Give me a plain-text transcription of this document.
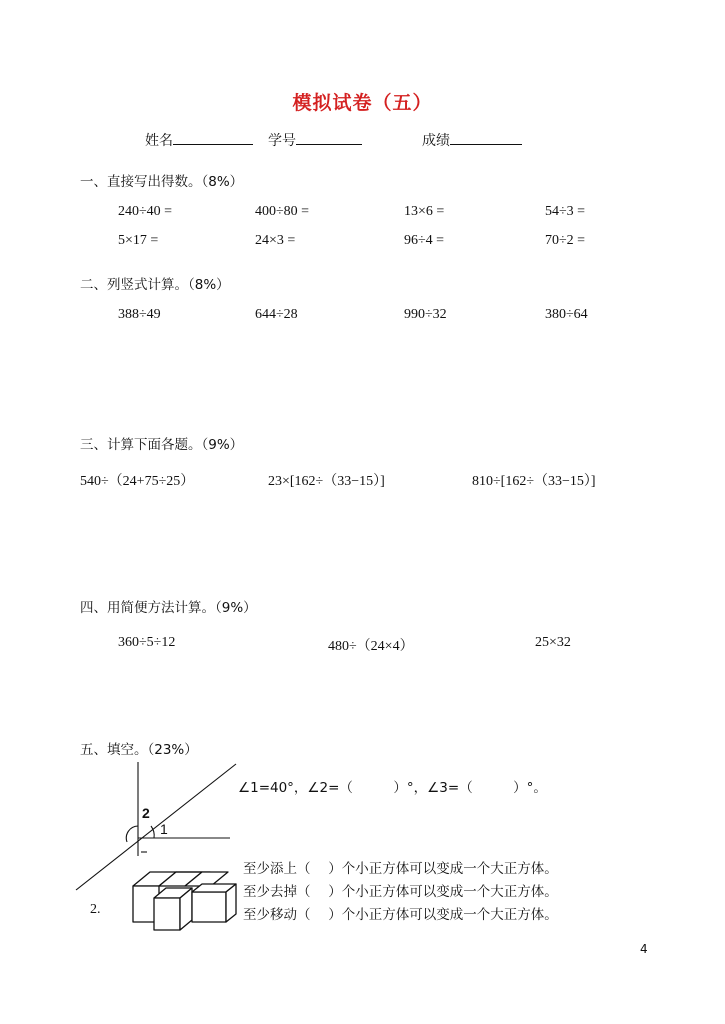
模拟试卷（五）
姓名	学号	成绩
一、直接写出得数。（8%）
240÷40 =	400÷80 =	13×6 =	54÷3 =
5×17 =	24×3 =	96÷4 =	70÷2 =
二、列竖式计算。（8%）
388÷49	644÷28	990÷32	380÷64
三、计算下面各题。（9%）
540÷（24+75÷25）	23×[162÷（33−15）]	810÷[162÷（33−15）]
四、用简便方法计算。（9%）
360÷5÷12	480÷（24×4）	25×32
五、填空。（23%）
1
2
∠1=40°，∠2=（　　　）°，∠3=（　　　）°。
2.
至少添上（　 ）个小正方体可以变成一个大正方体。
至少去掉（　 ）个小正方体可以变成一个大正方体。
至少移动（　 ）个小正方体可以变成一个大正方体。
4
